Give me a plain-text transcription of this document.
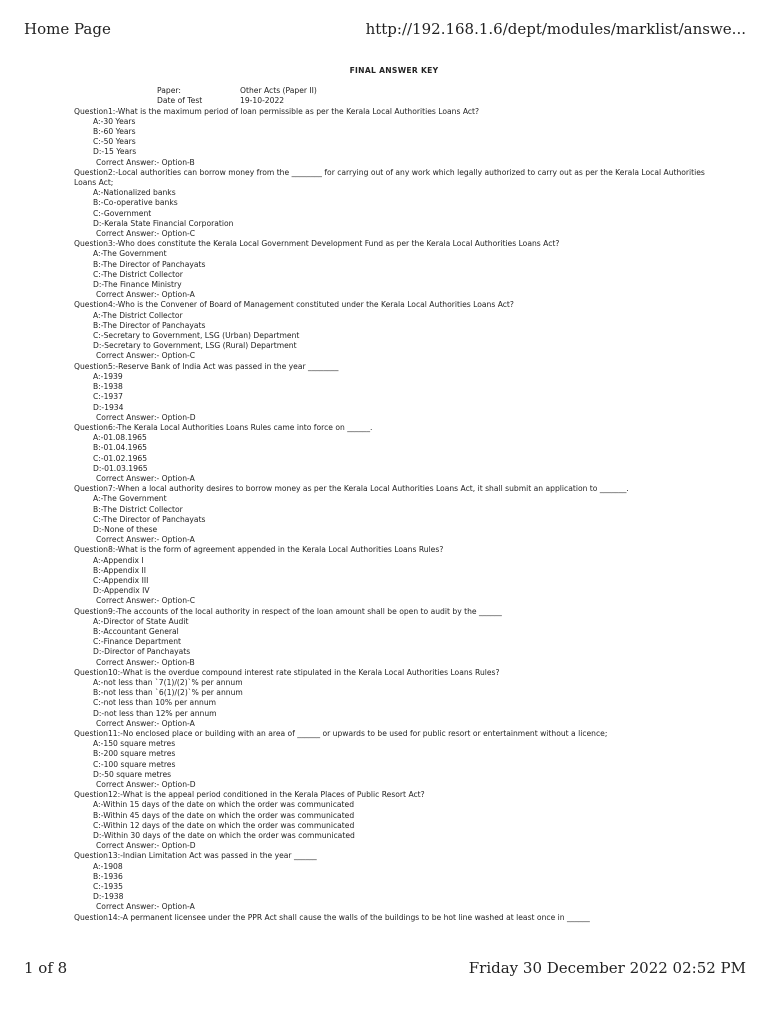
Home Page	http://192.168.1.6/dept/modules/marklist/answe...
FINAL ANSWER KEY
Paper:	Other Acts (Paper II)
Date of Test	19-10-2022
Question1:-What is the maximum period of loan permissible as per the Kerala Local Authorities Loans Act?
A:-30 Years
B:-60 Years
C:-50 Years
D:-15 Years
Correct Answer:- Option-B
Question2:-Local authorities can borrow money from the ________ for carrying out of any work which legally authorized to carry out as per the Kerala Local Authorities Loans Act;
A:-Nationalized banks
B:-Co-operative banks
C:-Government
D:-Kerala State Financial Corporation
Correct Answer:- Option-C
Question3:-Who does constitute the Kerala Local Government Development Fund as per the Kerala Local Authorities Loans Act?
A:-The Government
B:-The Director of Panchayats
C:-The District Collector
D:-The Finance Ministry
Correct Answer:- Option-A
Question4:-Who is the Convener of Board of Management constituted under the Kerala Local Authorities Loans Act?
A:-The District Collector
B:-The Director of Panchayats
C:-Secretary to Government, LSG (Urban) Department
D:-Secretary to Government, LSG (Rural) Department
Correct Answer:- Option-C
Question5:-Reserve Bank of India Act was passed in the year ________
A:-1939
B:-1938
C:-1937
D:-1934
Correct Answer:- Option-D
Question6:-The Kerala Local Authorities Loans Rules came into force on ______.
A:-01.08.1965
B:-01.04.1965
C:-01.02.1965
D:-01.03.1965
Correct Answer:- Option-A
Question7:-When a local authority desires to borrow money as per the Kerala Local Authorities Loans Act, it shall submit an application to _______.
A:-The Government
B:-The District Collector
C:-The Director of Panchayats
D:-None of these
Correct Answer:- Option-A
Question8:-What is the form of agreement appended in the Kerala Local Authorities Loans Rules?
A:-Appendix I
B:-Appendix II
C:-Appendix III
D:-Appendix IV
Correct Answer:- Option-C
Question9:-The accounts of the local authority in respect of the loan amount shall be open to audit by the ______
A:-Director of State Audit
B:-Accountant General
C:-Finance Department
D:-Director of Panchayats
Correct Answer:- Option-B
Question10:-What is the overdue compound interest rate stipulated in the Kerala Local Authorities Loans Rules?
A:-not less than `7(1)/(2)`% per annum
B:-not less than `6(1)/(2)`% per annum
C:-not less than 10% per annum
D:-not less than 12% per annum
Correct Answer:- Option-A
Question11:-No enclosed place or building with an area of ______ or upwards to be used for public resort or entertainment without a licence;
A:-150 square metres
B:-200 square metres
C:-100 square metres
D:-50 square metres
Correct Answer:- Option-D
Question12:-What is the appeal period conditioned in the Kerala Places of Public Resort Act?
A:-Within 15 days of the date on which the order was communicated
B:-Within 45 days of the date on which the order was communicated
C:-Within 12 days of the date on which the order was communicated
D:-Within 30 days of the date on which the order was communicated
Correct Answer:- Option-D
Question13:-Indian Limitation Act was passed in the year ______
A:-1908
B:-1936
C:-1935
D:-1938
Correct Answer:- Option-A
Question14:-A permanent licensee under the PPR Act shall cause the walls of the buildings to be hot line washed at least once in ______
1 of 8	Friday 30 December 2022 02:52 PM
